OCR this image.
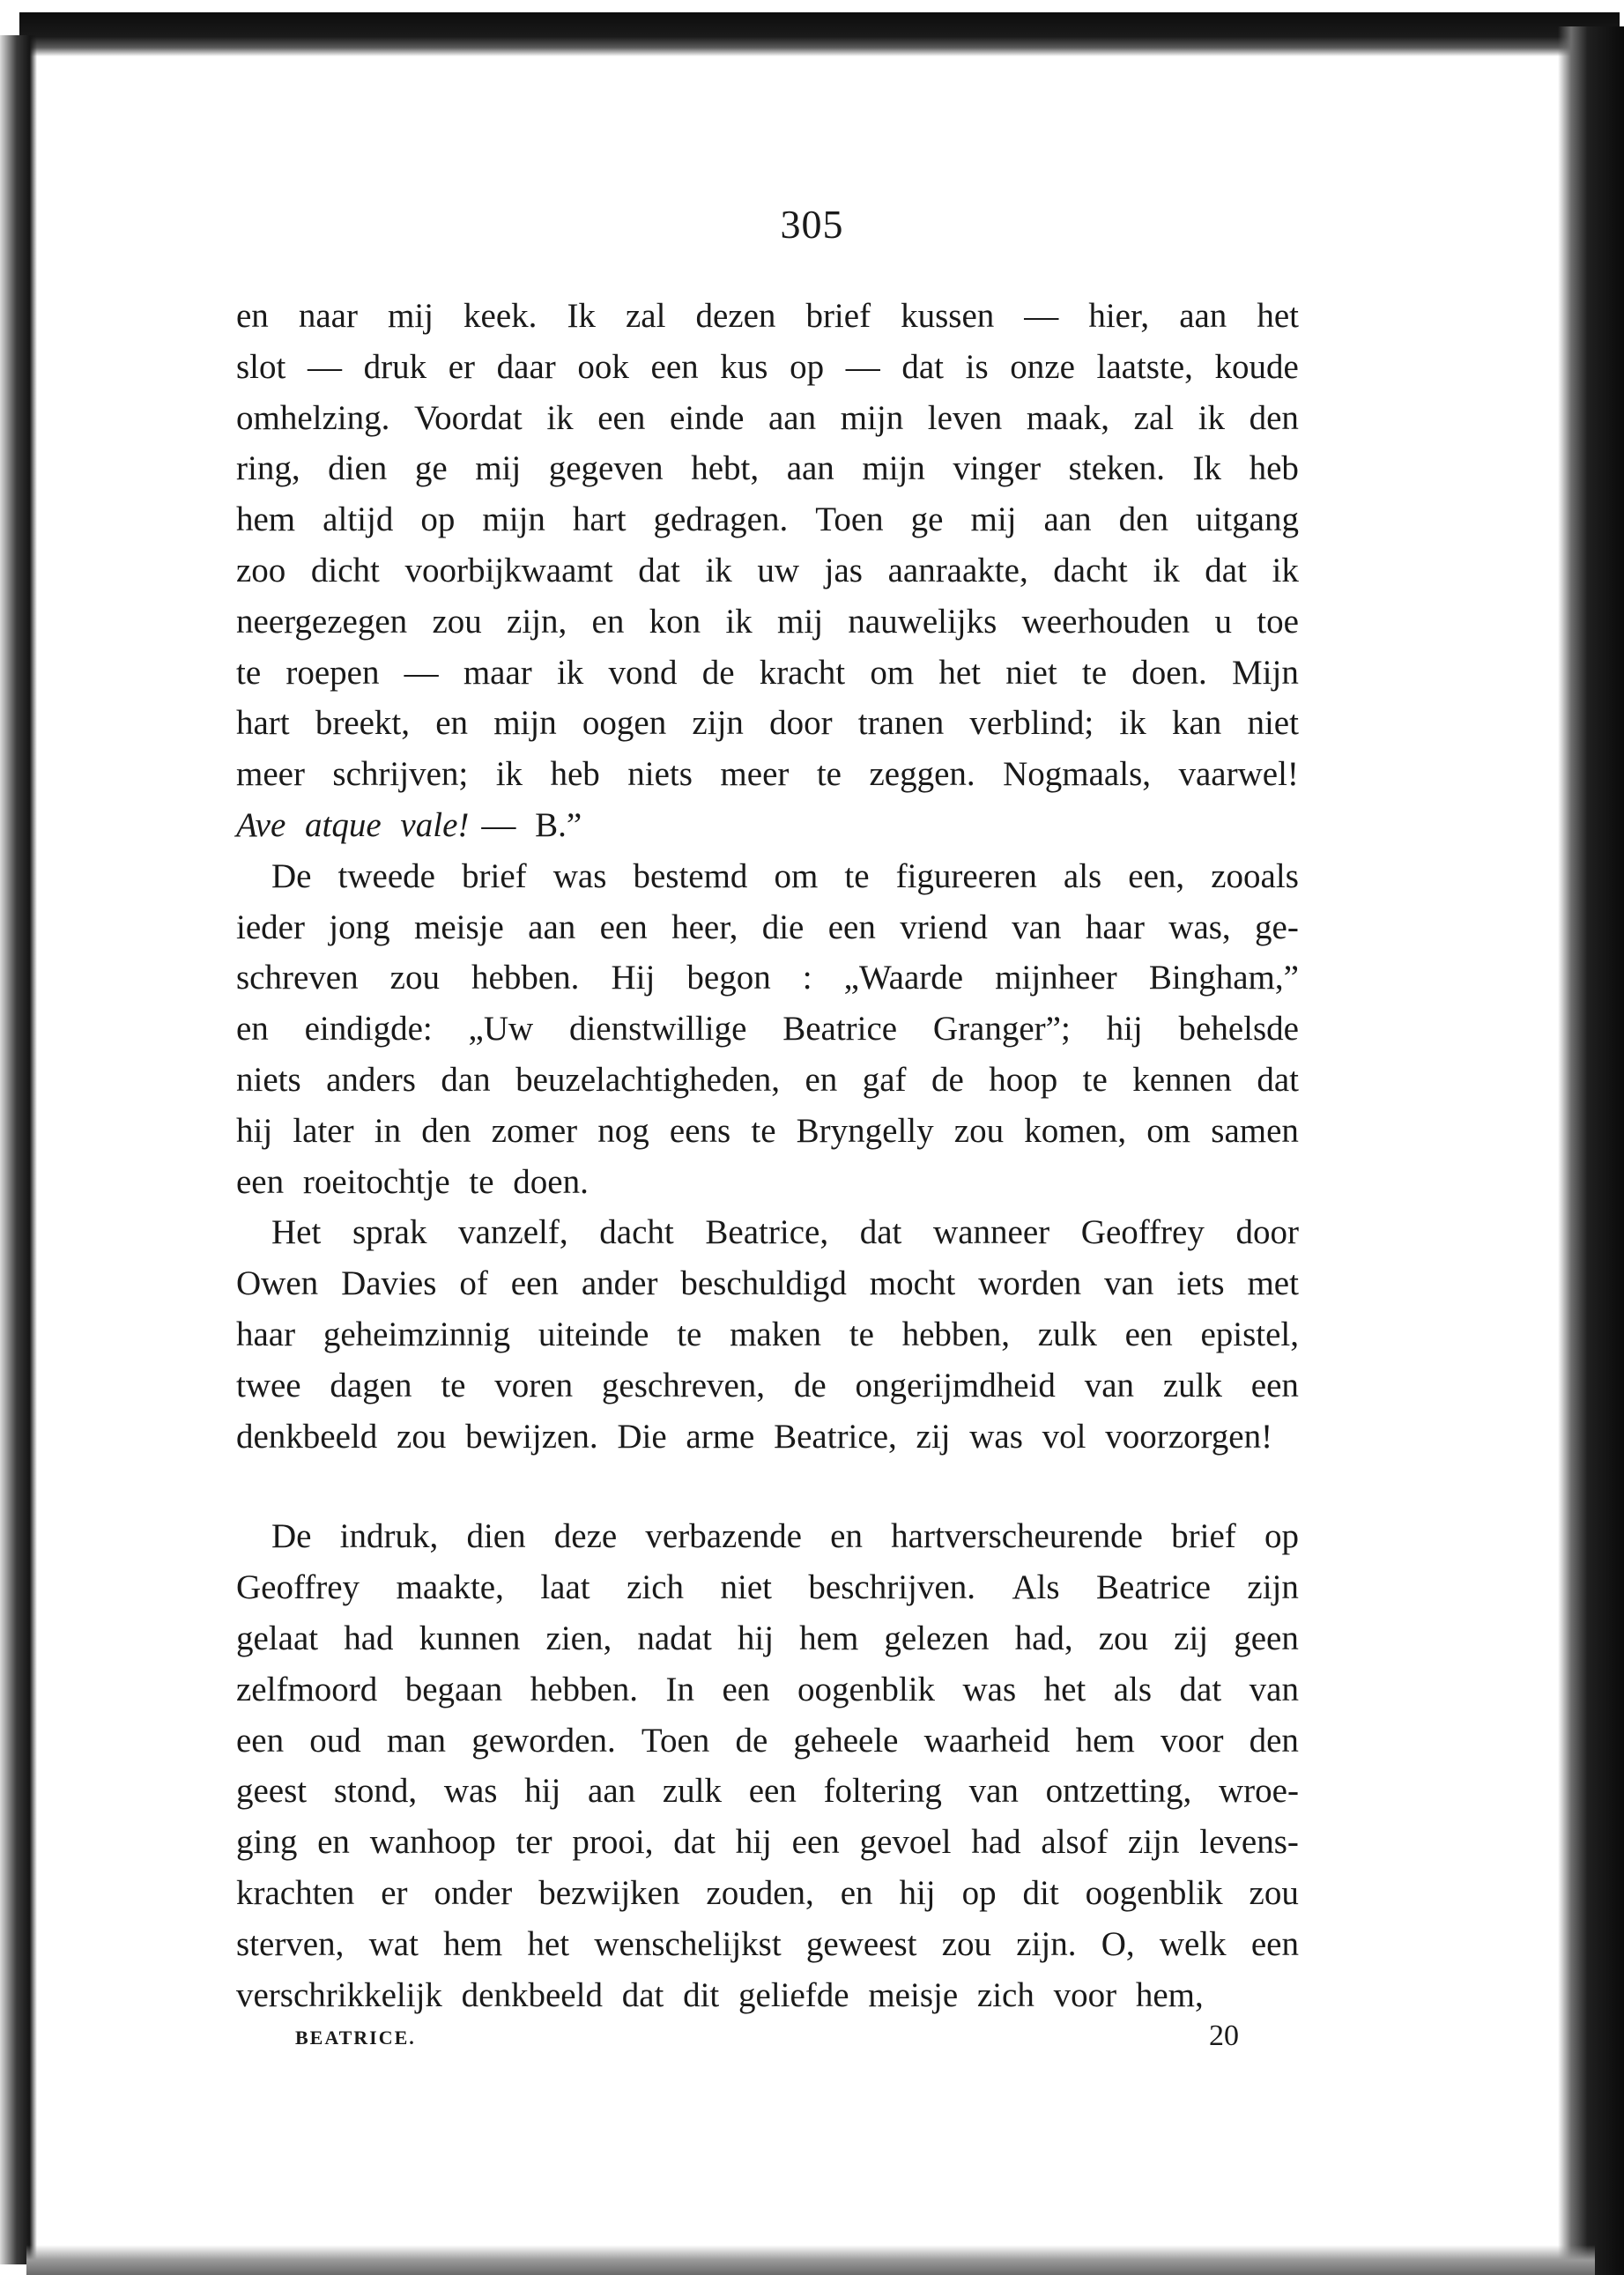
305
en naar mij keek. Ik zal dezen brief kussen — hier, aan het
slot — druk er daar ook een kus op — dat is onze laatste, koude
omhelzing. Voordat ik een einde aan mijn leven maak, zal ik den
ring, dien ge mij gegeven hebt, aan mijn vinger steken. Ik heb
hem altijd op mijn hart gedragen. Toen ge mij aan den uitgang
zoo dicht voorbijkwaamt dat ik uw jas aanraakte, dacht ik dat ik
neergezegen zou zijn, en kon ik mij nauwelijks weerhouden u toe
te roepen — maar ik vond de kracht om het niet te doen. Mijn
hart breekt, en mijn oogen zijn door tranen verblind; ik kan niet
meer schrijven; ik heb niets meer te zeggen. Nogmaals, vaarwel!
Ave atque vale! — B.”
De tweede brief was bestemd om te figureeren als een, zooals
ieder jong meisje aan een heer, die een vriend van haar was, ge-
schreven zou hebben. Hij begon : „Waarde mijnheer Bingham,”
en eindigde: „Uw dienstwillige Beatrice Granger”; hij behelsde
niets anders dan beuzelachtigheden, en gaf de hoop te kennen dat
hij later in den zomer nog eens te Bryngelly zou komen, om samen
een roeitochtje te doen.
Het sprak vanzelf, dacht Beatrice, dat wanneer Geoffrey door
Owen Davies of een ander beschuldigd mocht worden van iets met
haar geheimzinnig uiteinde te maken te hebben, zulk een epistel,
twee dagen te voren geschreven, de ongerijmdheid van zulk een
denkbeeld zou bewijzen. Die arme Beatrice, zij was vol voorzorgen!
De indruk, dien deze verbazende en hartverscheurende brief op
Geoffrey maakte, laat zich niet beschrijven. Als Beatrice zijn
gelaat had kunnen zien, nadat hij hem gelezen had, zou zij geen
zelfmoord begaan hebben. In een oogenblik was het als dat van
een oud man geworden. Toen de geheele waarheid hem voor den
geest stond, was hij aan zulk een foltering van ontzetting, wroe-
ging en wanhoop ter prooi, dat hij een gevoel had alsof zijn levens-
krachten er onder bezwijken zouden, en hij op dit oogenblik zou
sterven, wat hem het wenschelijkst geweest zou zijn. O, welk een
verschrikkelijk denkbeeld dat dit geliefde meisje zich voor hem,
BEATRICE.	20
